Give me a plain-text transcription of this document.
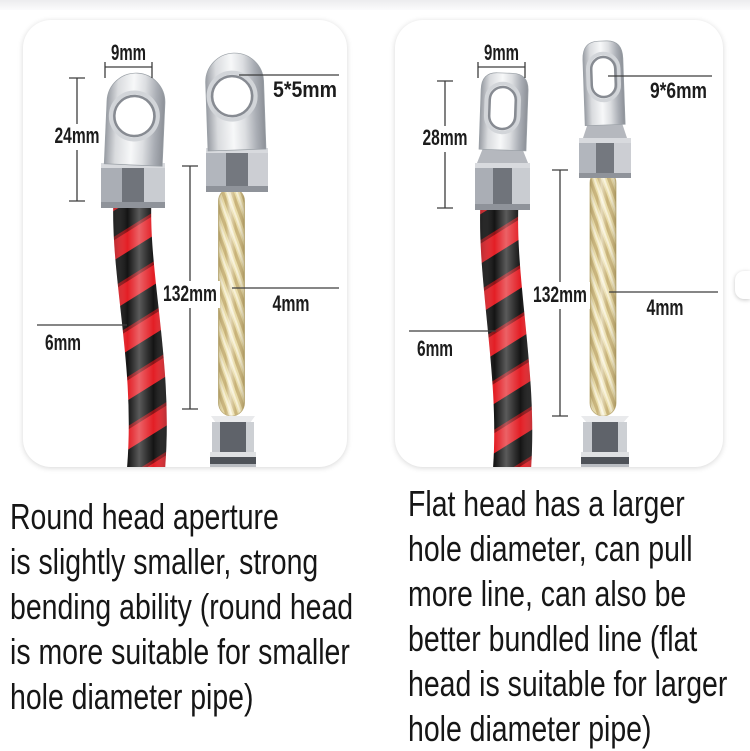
9mm
24mm
5*5mm
132mm
6mm
4mm
9mm
28mm
9*6mm
132mm
6mm
4mm
Round head aperture
is slightly smaller, strong
bending ability (round head
is more suitable for smaller
hole diameter pipe)
Flat head has a larger
hole diameter, can pull
more line, can also be
better bundled line (flat
head is suitable for larger
hole diameter pipe)
